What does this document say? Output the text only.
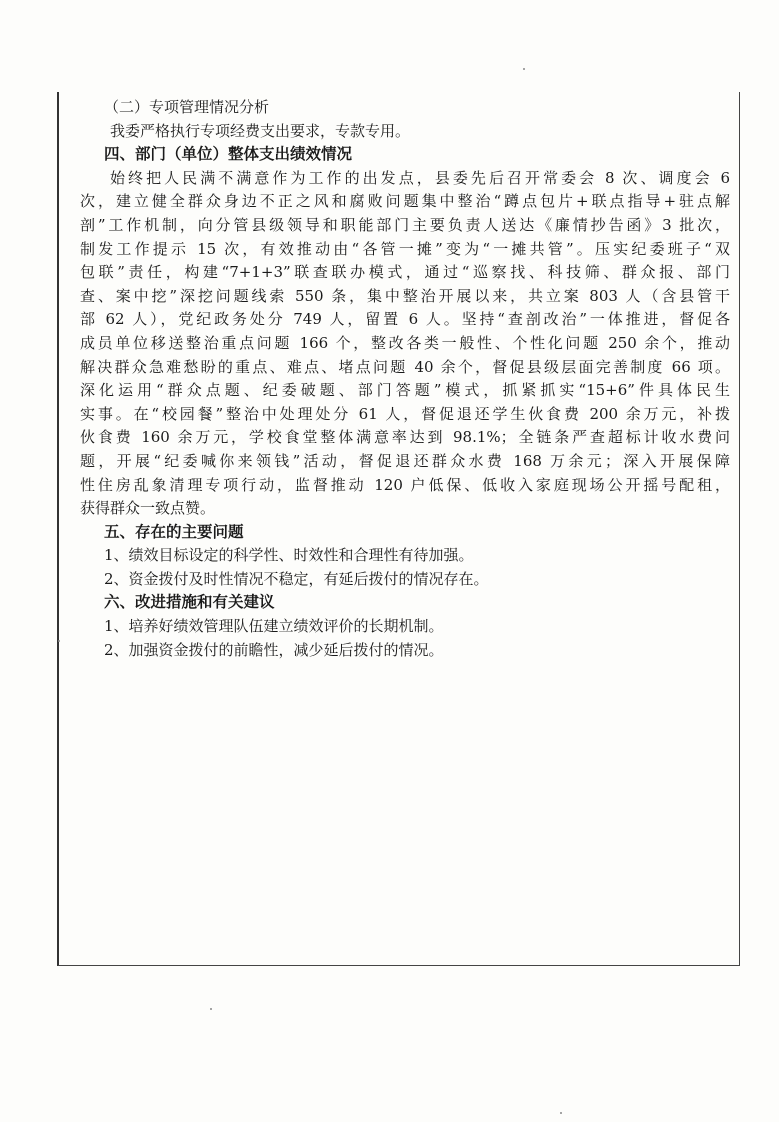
（二）专项管理情况分析
我委严格执行专项经费支出要求，专款专用。
四、部门（单位）整体支出绩效情况
始终把人民满不满意作为工作的出发点，县委先后召开常委会 8 次、调度会 6
次，建立健全群众身边不正之风和腐败问题集中整治“蹲点包片+联点指导+驻点解
剖”工作机制，向分管县级领导和职能部门主要负责人送达《廉情抄告函》3 批次，
制发工作提示 15 次，有效推动由“各管一摊”变为“一摊共管”。压实纪委班子“双
包联”责任，构建“7+1+3”联查联办模式，通过“巡察找、科技筛、群众报、部门
查、案中挖”深挖问题线索 550 条，集中整治开展以来，共立案 803 人（含县管干
部 62 人），党纪政务处分 749 人，留置 6 人。坚持“查剖改治”一体推进，督促各
成员单位移送整治重点问题 166 个，整改各类一般性、个性化问题 250 余个，推动
解决群众急难愁盼的重点、难点、堵点问题 40 余个，督促县级层面完善制度 66 项。
深化运用“群众点题、纪委破题、部门答题”模式，抓紧抓实“15+6”件具体民生
实事。在“校园餐”整治中处理处分 61 人，督促退还学生伙食费 200 余万元，补拨
伙食费 160 余万元，学校食堂整体满意率达到 98.1%；全链条严查超标计收水费问
题，开展“纪委喊你来领钱”活动，督促退还群众水费 168 万余元；深入开展保障
性住房乱象清理专项行动，监督推动 120 户低保、低收入家庭现场公开摇号配租，
获得群众一致点赞。
五、存在的主要问题
1、绩效目标设定的科学性、时效性和合理性有待加强。
2、资金拨付及时性情况不稳定，有延后拨付的情况存在。
六、改进措施和有关建议
1、培养好绩效管理队伍建立绩效评价的长期机制。
2、加强资金拨付的前瞻性，减少延后拨付的情况。
